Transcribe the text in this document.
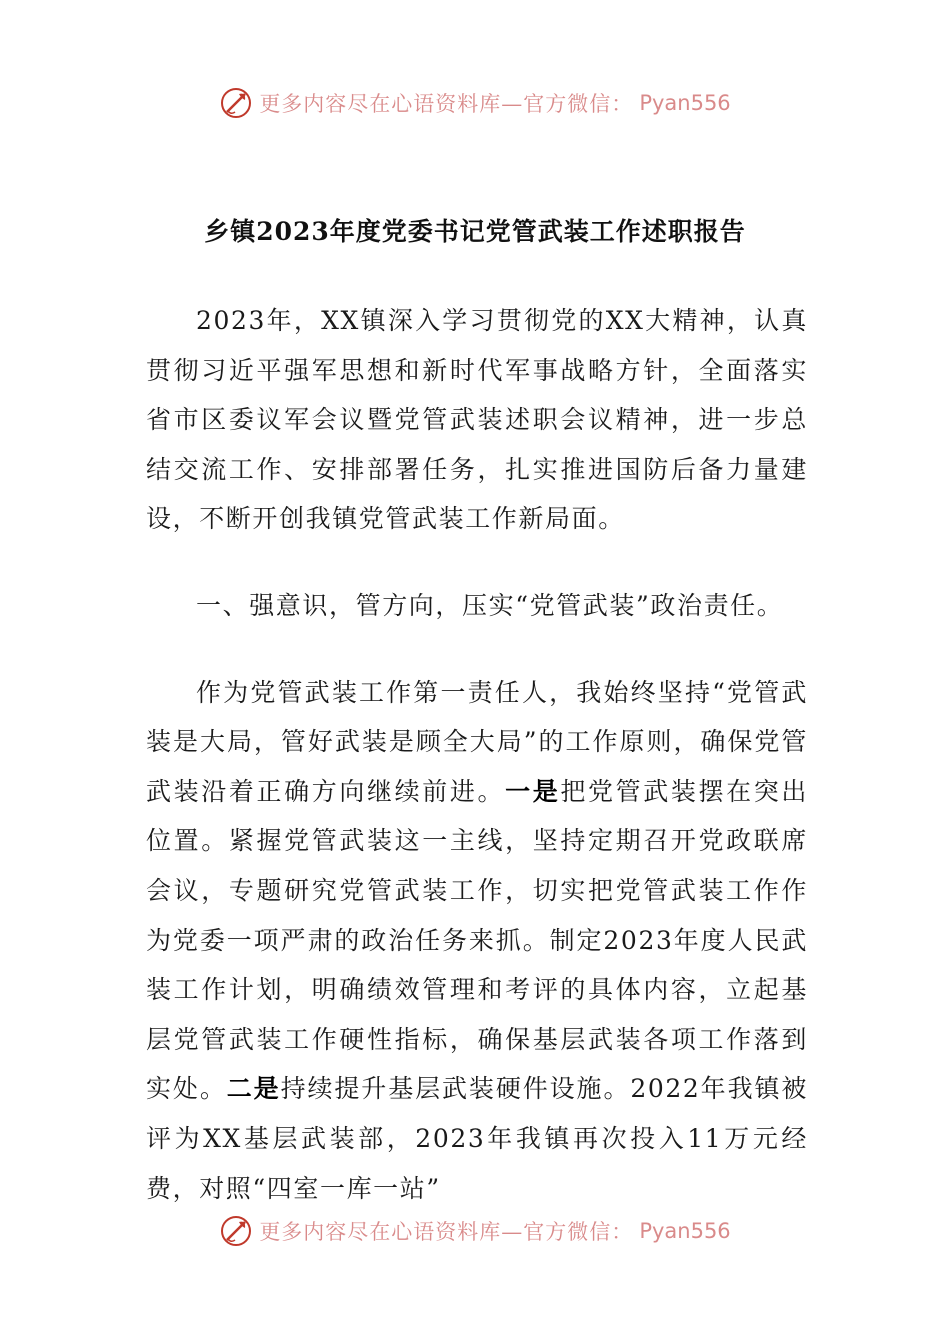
更多内容尽在心语资料库—官方微信： Pyan556
乡镇2023年度党委书记党管武装工作述职报告

2023年，XX镇深入学习贯彻党的XX大精神，认真贯彻习近平强军思想和新时代军事战略方针，全面落实省市区委议军会议暨党管武装述职会议精神，进一步总结交流工作、安排部署任务，扎实推进国防后备力量建设，不断开创我镇党管武装工作新局面。

一、强意识，管方向，压实“党管武装”政治责任。

作为党管武装工作第一责任人，我始终坚持“党管武装是大局，管好武装是顾全大局”的工作原则，确保党管武装沿着正确方向继续前进。一是把党管武装摆在突出位置。紧握党管武装这一主线，坚持定期召开党政联席会议，专题研究党管武装工作，切实把党管武装工作作为党委一项严肃的政治任务来抓。制定2023年度人民武装工作计划，明确绩效管理和考评的具体内容，立起基层党管武装工作硬性指标，确保基层武装各项工作落到实处。二是持续提升基层武装硬件设施。2022年我镇被评为XX基层武装部，2023年我镇再次投入11万元经费，对照“四室一库一站”

更多内容尽在心语资料库—官方微信： Pyan556
